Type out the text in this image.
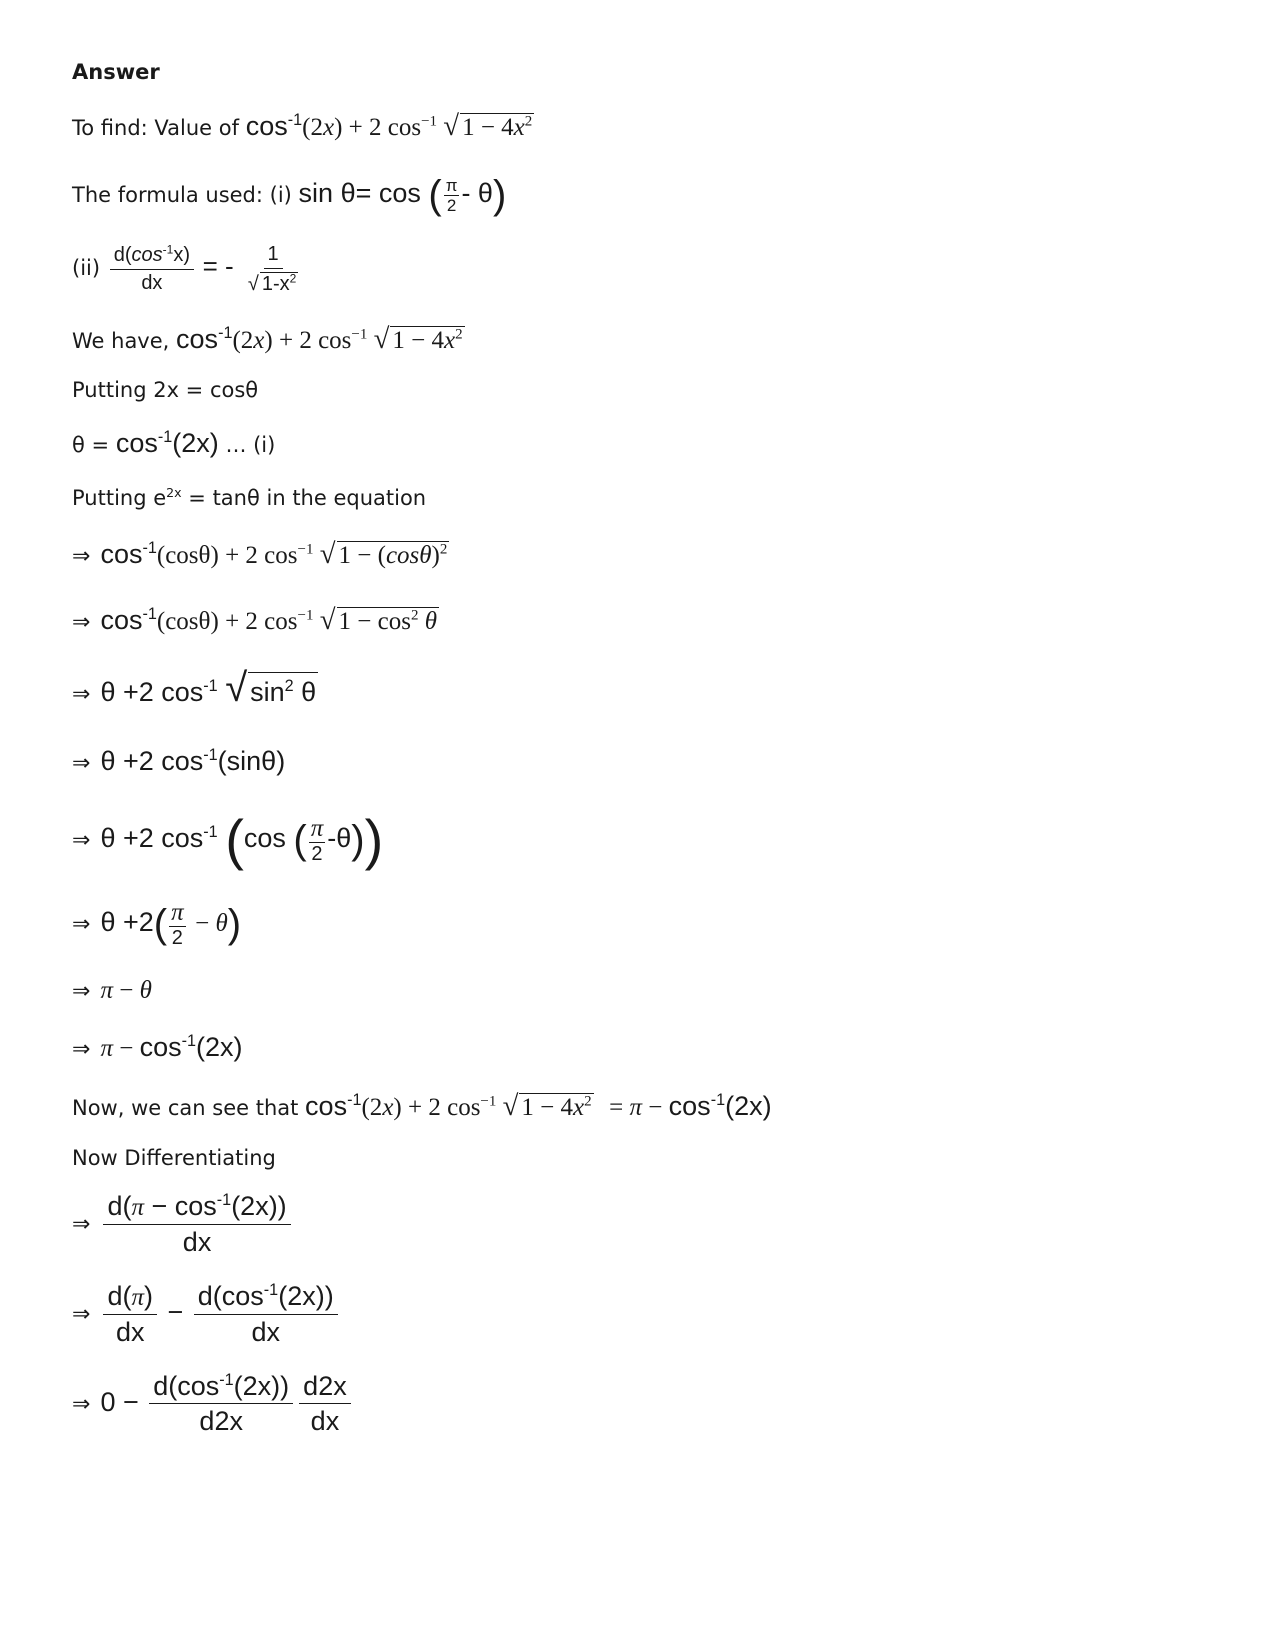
Answer
To find: Value of $\cos^{-1}(2x) + 2$ $\cos^{-1}$ √ $1 - 4x^2$
The formula used: (i) sin θ= cos ( $\frac{\pi}{2} - \theta$)
$(ii) \frac{d(\cos^{-1}x)}{dx}$ = - $\frac{1}{√ 1-x^2}$
We have, $\cos^{-1}(2x) + 2$ $\cos^{-1}$ √ $1 - 4x^2$
Putting 2x = cosθ
$\theta = \cos^{-1}(2x)$ … (i)
Putting $e^{2x} = \tan\theta$ in the equation
⇒ $\cos^{-1}(\cos\theta) + 2$ $\cos^{-1}$ √ $1 - (\cos\theta)^2$
⇒ $\cos^{-1}(\cos\theta) + 2$ $\cos^{-1}$ √ $1 - \cos^2 \theta$
⇒ θ +2 $\cos^{-1}$ √ $\sin^2 \theta$
⇒ θ +2 $\cos^{-1}(\sin\theta)$
⇒ θ +2 $\cos^{-1} (\cos$ ( $\frac{\pi}{2} -\theta$))
⇒ $\theta +2( \frac{\pi}{2} - \theta)$
⇒ π − θ
⇒ $\pi - \cos^{-1}(2x)$
Now, we can see that $\cos^{-1}(2x) + 2$ $\cos^{-1}$ √ $1 - 4x^2 = \pi - \cos^{-1}(2x)$
Now Differentiating
⇒ $\frac{d(\pi - \cos^{-1}(2x))}{dx}$
⇒ $\frac{d(\pi)}{dx} - \frac{d(\cos^{-1}(2x))}{dx}$
⇒ $0 - \frac{d(\cos^{-1}(2x))}{d2x} \frac{d2x}{dx}$
